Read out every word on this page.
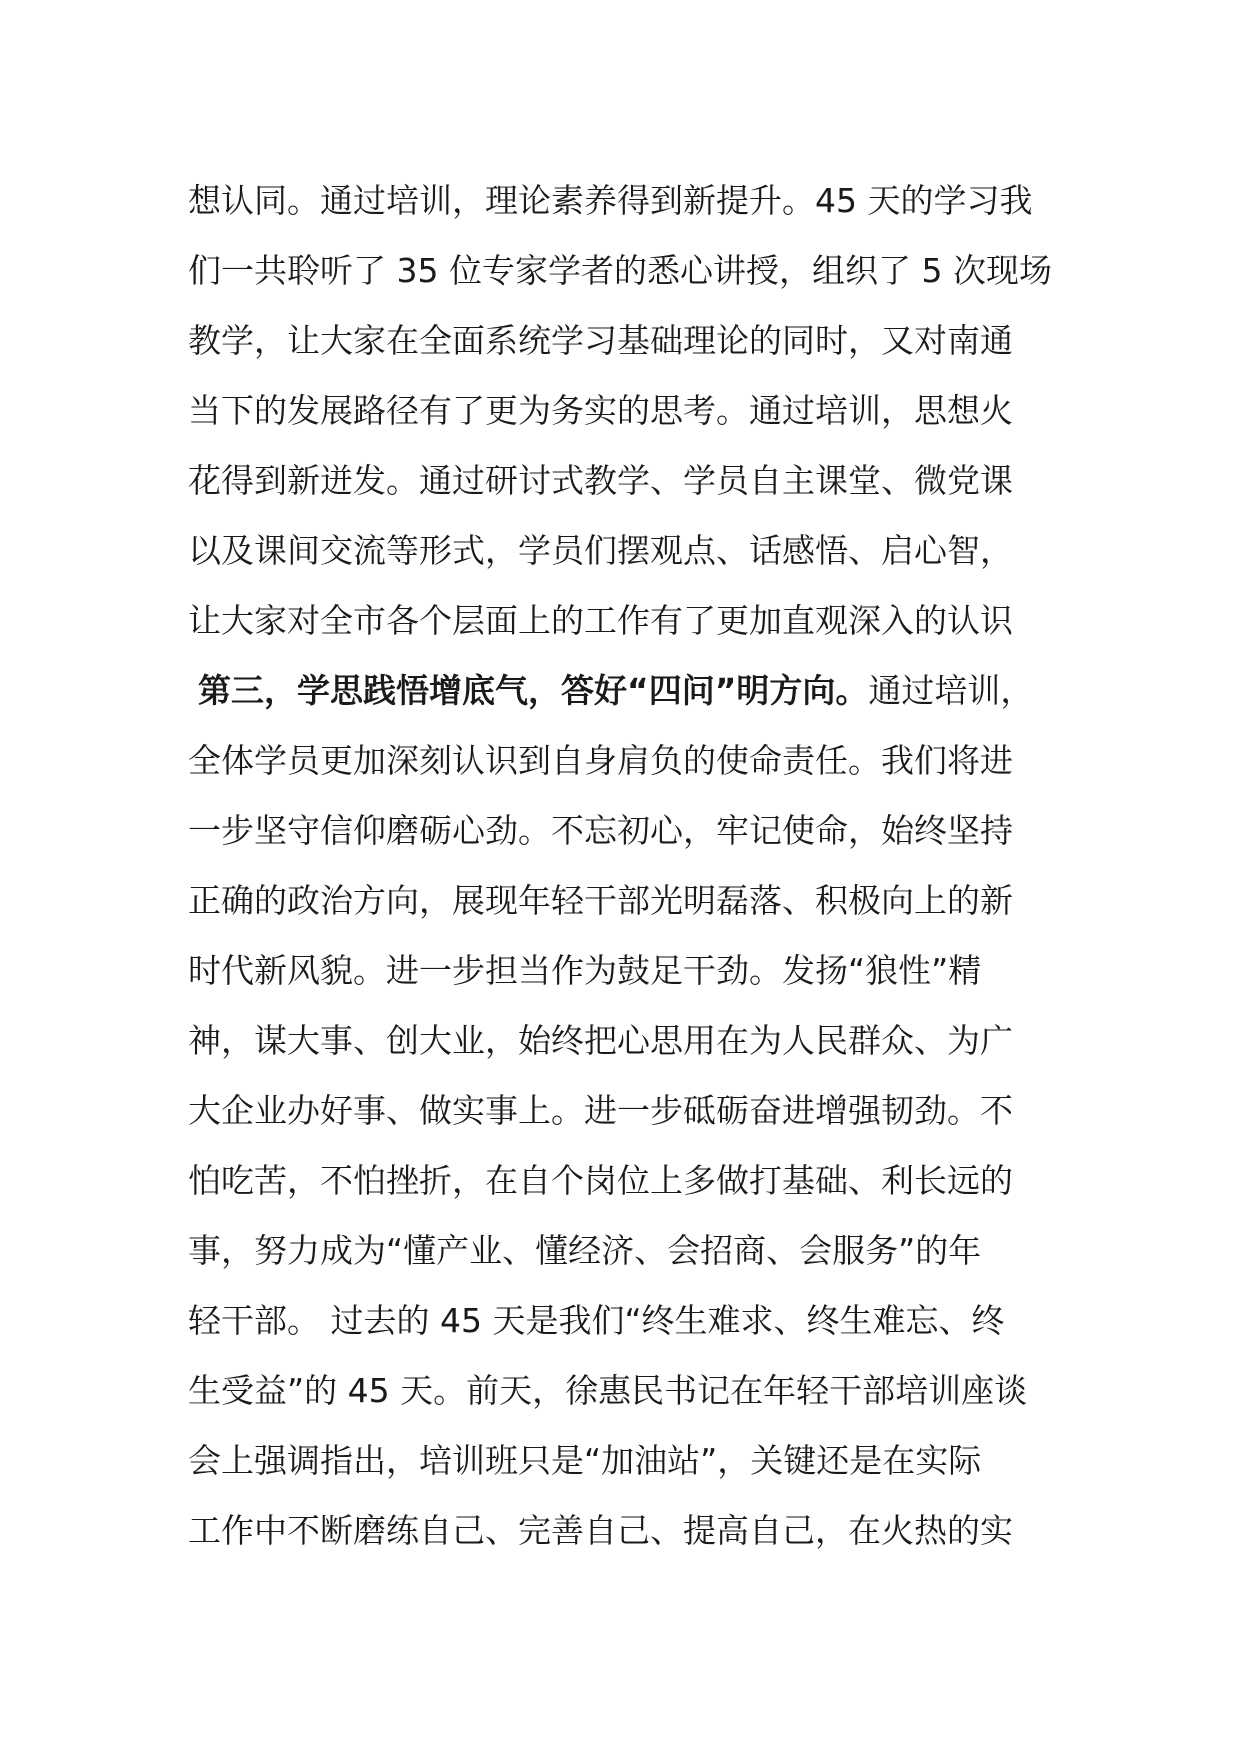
想认同。通过培训，理论素养得到新提升。45 天的学习我
们一共聆听了 35 位专家学者的悉心讲授，组织了 5 次现场
教学，让大家在全面系统学习基础理论的同时，又对南通
当下的发展路径有了更为务实的思考。通过培训，思想火
花得到新迸发。通过研讨式教学、学员自主课堂、微党课
以及课间交流等形式，学员们摆观点、话感悟、启心智，
让大家对全市各个层面上的工作有了更加直观深入的认识
第三，学思践悟增底气，答好“四问”明方向。通过培训，
全体学员更加深刻认识到自身肩负的使命责任。我们将进
一步坚守信仰磨砺心劲。不忘初心，牢记使命，始终坚持
正确的政治方向，展现年轻干部光明磊落、积极向上的新
时代新风貌。进一步担当作为鼓足干劲。发扬“狼性”精
神，谋大事、创大业，始终把心思用在为人民群众、为广
大企业办好事、做实事上。进一步砥砺奋进增强韧劲。不
怕吃苦，不怕挫折，在自个岗位上多做打基础、利长远的
事，努力成为“懂产业、懂经济、会招商、会服务”的年
轻干部。 过去的 45 天是我们“终生难求、终生难忘、终
生受益”的 45 天。前天，徐惠民书记在年轻干部培训座谈
会上强调指出，培训班只是“加油站”，关键还是在实际
工作中不断磨练自己、完善自己、提高自己，在火热的实
